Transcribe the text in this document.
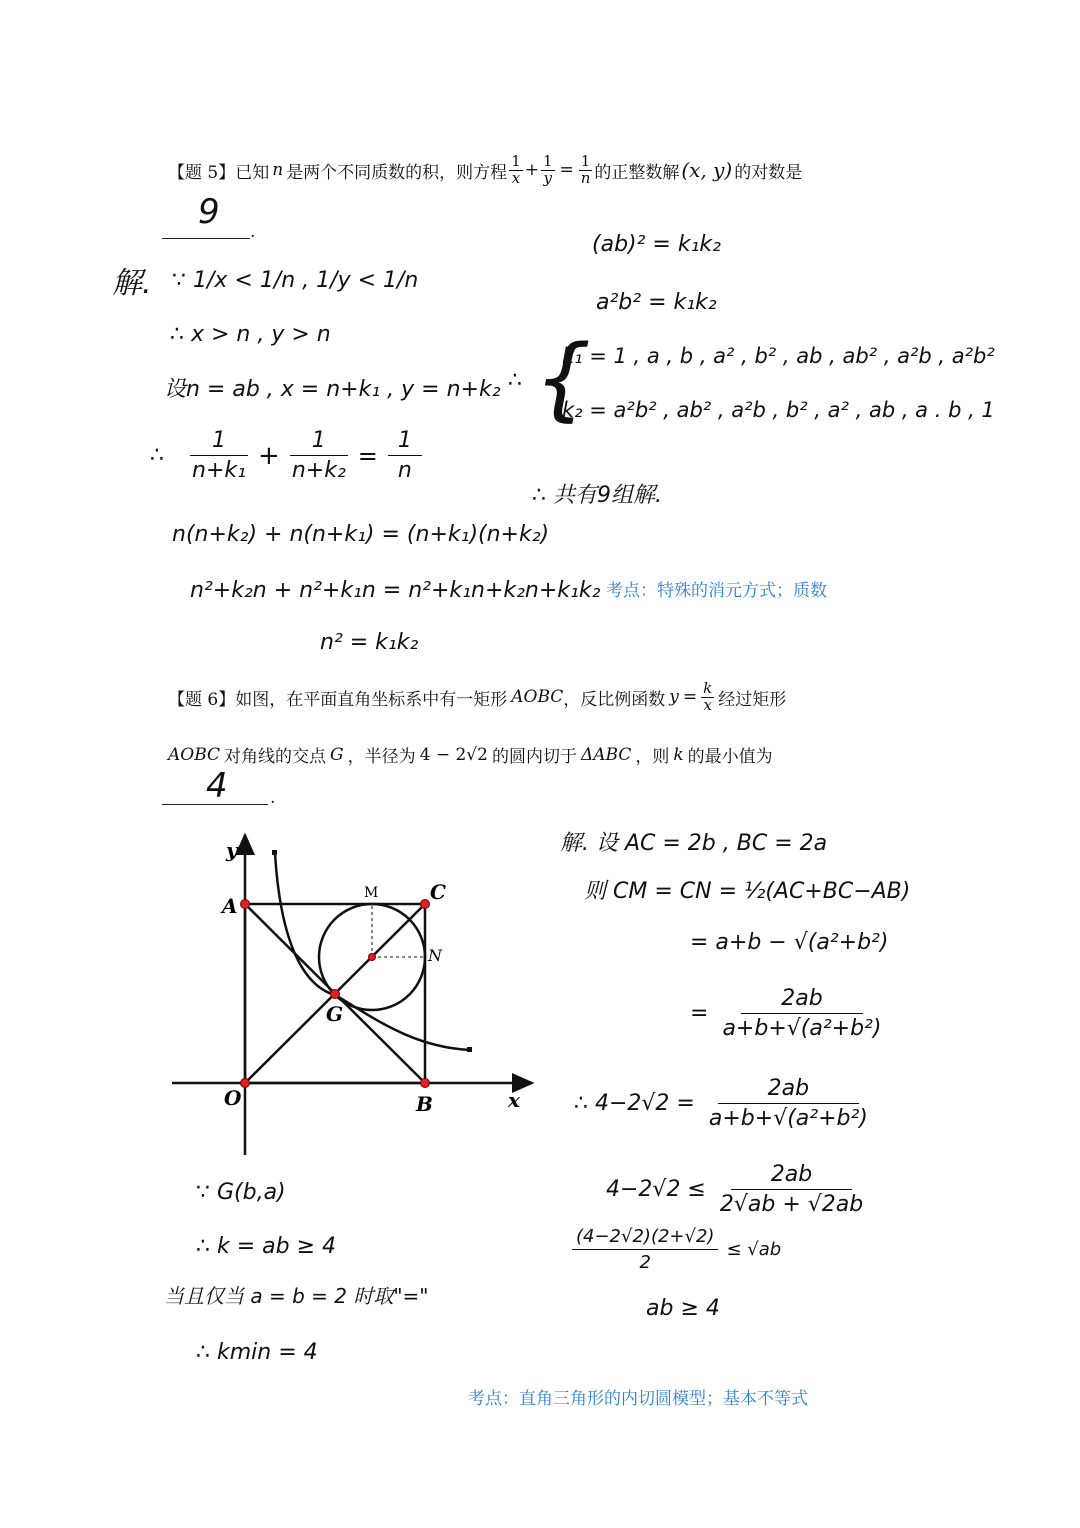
【题 5】已知 n 是两个不同质数的积，则方程 $\frac{1}{x} + \frac{1}{y} = \frac{1}{n}$ 的正整数解 (x, y) 的对数是
9 .
解. ∵ 1/x < 1/n , 1/y < 1/n
∴ x > n , y > n
设n = ab , x = n+k₁ , y = n+k₂
∴
1
$n+k_1 + \frac{1}{\text{n+k₂}} = \frac{1}{n}$
n(n+k₂) + n(n+k₁) = (n+k₁)(n+k₂)
n²+k₂n + n²+k₁n = n²+k₁n+k₂n+k₁k₂
n² = k₁k₂
(ab)² = k₁k₂
a²b² = k₁k₂
∴ {
k₁ = 1 , a , b , a² , b² , ab , ab² , a²b , a²b²
k₂ = a²b² , ab² , a²b , b² , a² , ab , a . b , 1
∴ 共有9组解.
考点：特殊的消元方式；质数
【题 6】如图，在平面直角坐标系中有一矩形 AOBC ，反比例函数 $y = \frac{k}{x}$ 经过矩形
AOBC 对角线的交点 G ，半径为 4 − 2√2 的圆内切于 ΔABC ，则 k 的最小值为
4 .
y
A
C
M
N
G
O	B	x
∵ G(b,a)
∴ k = ab ≥ 4
当且仅当 a = b = 2 时取"="
∴ kmin = 4
解. 设 AC = 2b , BC = 2a
则 CM = CN = ½(AC+BC−AB)
= a+b − √(a²+b²)
= $\frac{2ab}{\text{a+b+√(a²+b²)}}$
∴ $4-2√2 = \frac{2ab}{\text{a+b+√(a²+b²)}}$
$4-2√2 \le \frac{2ab}{2√ab + √2ab}$
$\frac{(4-2√2)(2+√2)}{2} \le √ab$
ab ≥ 4
考点：直角三角形的内切圆模型；基本不等式
